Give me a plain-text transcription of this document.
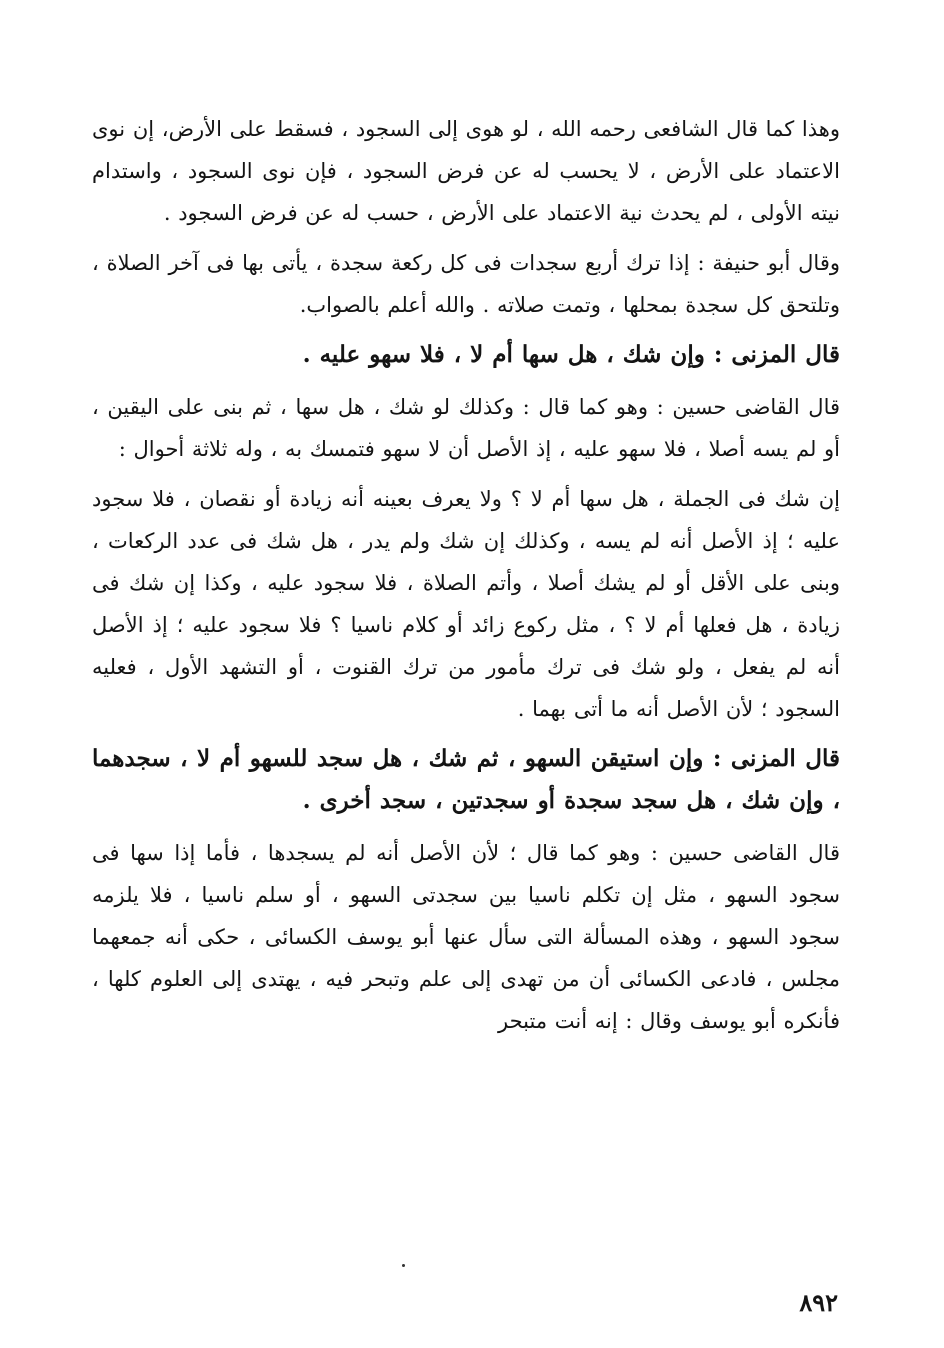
وهذا كما قال الشافعى رحمه الله ، لو هوى إلى السجود ، فسقط على الأرض، إن نوى الاعتماد على الأرض ، لا يحسب له عن فرض السجود ، فإن نوى السجود ، واستدام نيته الأولى ، لم يحدث نية الاعتماد على الأرض ، حسب له عن فرض السجود .

وقال أبو حنيفة : إذا ترك أربع سجدات فى كل ركعة سجدة ، يأتى بها فى آخر الصلاة ، وتلتحق كل سجدة بمحلها ، وتمت صلاته . والله أعلم بالصواب.

قال المزنى : وإن شك ، هل سها أم لا ، فلا سهو عليه .

قال القاضى حسين : وهو كما قال : وكذلك لو شك ، هل سها ، ثم بنى على اليقين ، أو لم يسه أصلا ، فلا سهو عليه ، إذ الأصل أن لا سهو فتمسك به ، وله ثلاثة أحوال :

إن شك فى الجملة ، هل سها أم لا ؟ ولا يعرف بعينه أنه زيادة أو نقصان ، فلا سجود عليه ؛ إذ الأصل أنه لم يسه ، وكذلك إن شك ولم يدر ، هل شك فى عدد الركعات ، وبنى على الأقل أو لم يشك أصلا ، وأتم الصلاة ، فلا سجود عليه ، وكذا إن شك فى زيادة ، هل فعلها أم لا ؟ ، مثل ركوع زائد أو كلام ناسيا ؟ فلا سجود عليه ؛ إذ الأصل أنه لم يفعل ، ولو شك فى ترك مأمور من ترك القنوت ، أو التشهد الأول ، فعليه السجود ؛ لأن الأصل أنه ما أتى بهما .

قال المزنى : وإن استيقن السهو ، ثم شك ، هل سجد للسهو أم لا ، سجدهما ، وإن شك ، هل سجد سجدة أو سجدتين ، سجد أخرى .

قال القاضى حسين : وهو كما قال ؛ لأن الأصل أنه لم يسجدها ، فأما إذا سها فى سجود السهو ، مثل إن تكلم ناسيا بين سجدتى السهو ، أو سلم ناسيا ، فلا يلزمه سجود السهو ، وهذه المسألة التى سأل عنها أبو يوسف الكسائى ، حكى أنه جمعهما مجلس ، فادعى الكسائى أن من تهدى إلى علم وتبحر فيه ، يهتدى إلى العلوم كلها ، فأنكره أبو يوسف وقال : إنه أنت متبحر

٨٩٢
